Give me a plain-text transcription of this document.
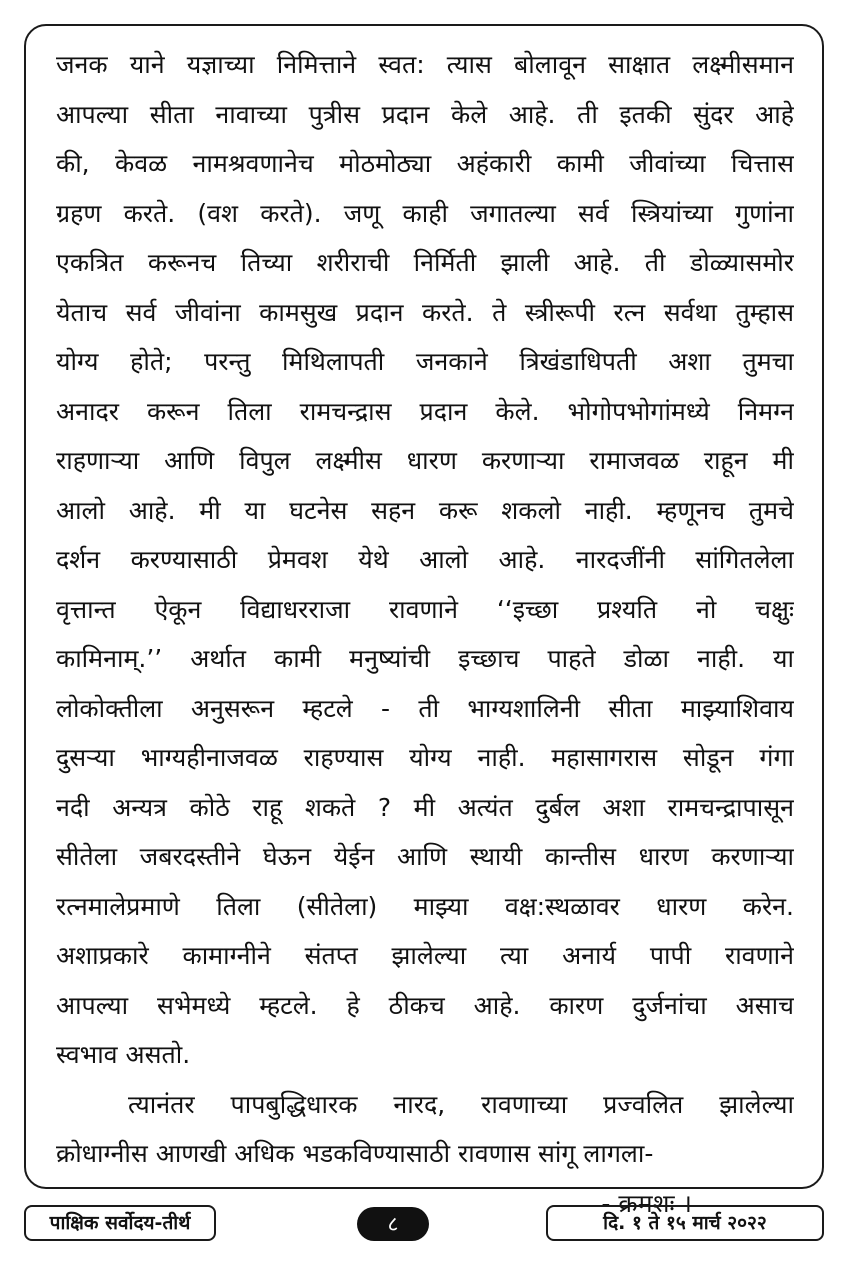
जनक याने यज्ञाच्या निमित्ताने स्वत: त्यास बोलावून साक्षात लक्ष्मीसमान
आपल्या सीता नावाच्या पुत्रीस प्रदान केले आहे. ती इतकी सुंदर आहे
की, केवळ नामश्रवणानेच मोठमोठ्या अहंकारी कामी जीवांच्या चित्तास
ग्रहण करते. (वश करते). जणू काही जगातल्या सर्व स्त्रियांच्या गुणांना
एकत्रित करूनच तिच्या शरीराची निर्मिती झाली आहे. ती डोळ्यासमोर
येताच सर्व जीवांना कामसुख प्रदान करते. ते स्त्रीरूपी रत्न सर्वथा तुम्हास
योग्य होते; परन्तु मिथिलापती जनकाने त्रिखंडाधिपती अशा तुमचा
अनादर करून तिला रामचन्द्रास प्रदान केले. भोगोपभोगांमध्ये निमग्न
राहणाऱ्या आणि विपुल लक्ष्मीस धारण करणाऱ्या रामाजवळ राहून मी
आलो आहे. मी या घटनेस सहन करू शकलो नाही. म्हणूनच तुमचे
दर्शन करण्यासाठी प्रेमवश येथे आलो आहे. नारदजींनी सांगितलेला
वृत्तान्त ऐकून विद्याधरराजा रावणाने ‘‘इच्छा प्रश्यति नो चक्षुः
कामिनाम्.’’ अर्थात कामी मनुष्यांची इच्छाच पाहते डोळा नाही. या
लोकोक्तीला अनुसरून म्हटले - ती भाग्यशालिनी सीता माझ्याशिवाय
दुसऱ्या भाग्यहीनाजवळ राहण्यास योग्य नाही. महासागरास सोडून गंगा
नदी अन्यत्र कोठे राहू शकते ? मी अत्यंत दुर्बल अशा रामचन्द्रापासून
सीतेला जबरदस्तीने घेऊन येईन आणि स्थायी कान्तीस धारण करणाऱ्या
रत्नमालेप्रमाणे तिला (सीतेला) माझ्या वक्ष:स्थळावर धारण करेन.
अशाप्रकारे कामाग्नीने संतप्त झालेल्या त्या अनार्य पापी रावणाने
आपल्या सभेमध्ये म्हटले. हे ठीकच आहे. कारण दुर्जनांचा असाच
स्वभाव असतो.
त्यानंतर पापबुद्धिधारक नारद, रावणाच्या प्रज्वलित झालेल्या
क्रोधाग्नीस आणखी अधिक भडकविण्यासाठी रावणास सांगू लागला-
- क्रमशः ।
पाक्षिक सर्वोदय-तीर्थ	८	दि. १ ते १५ मार्च २०२२
